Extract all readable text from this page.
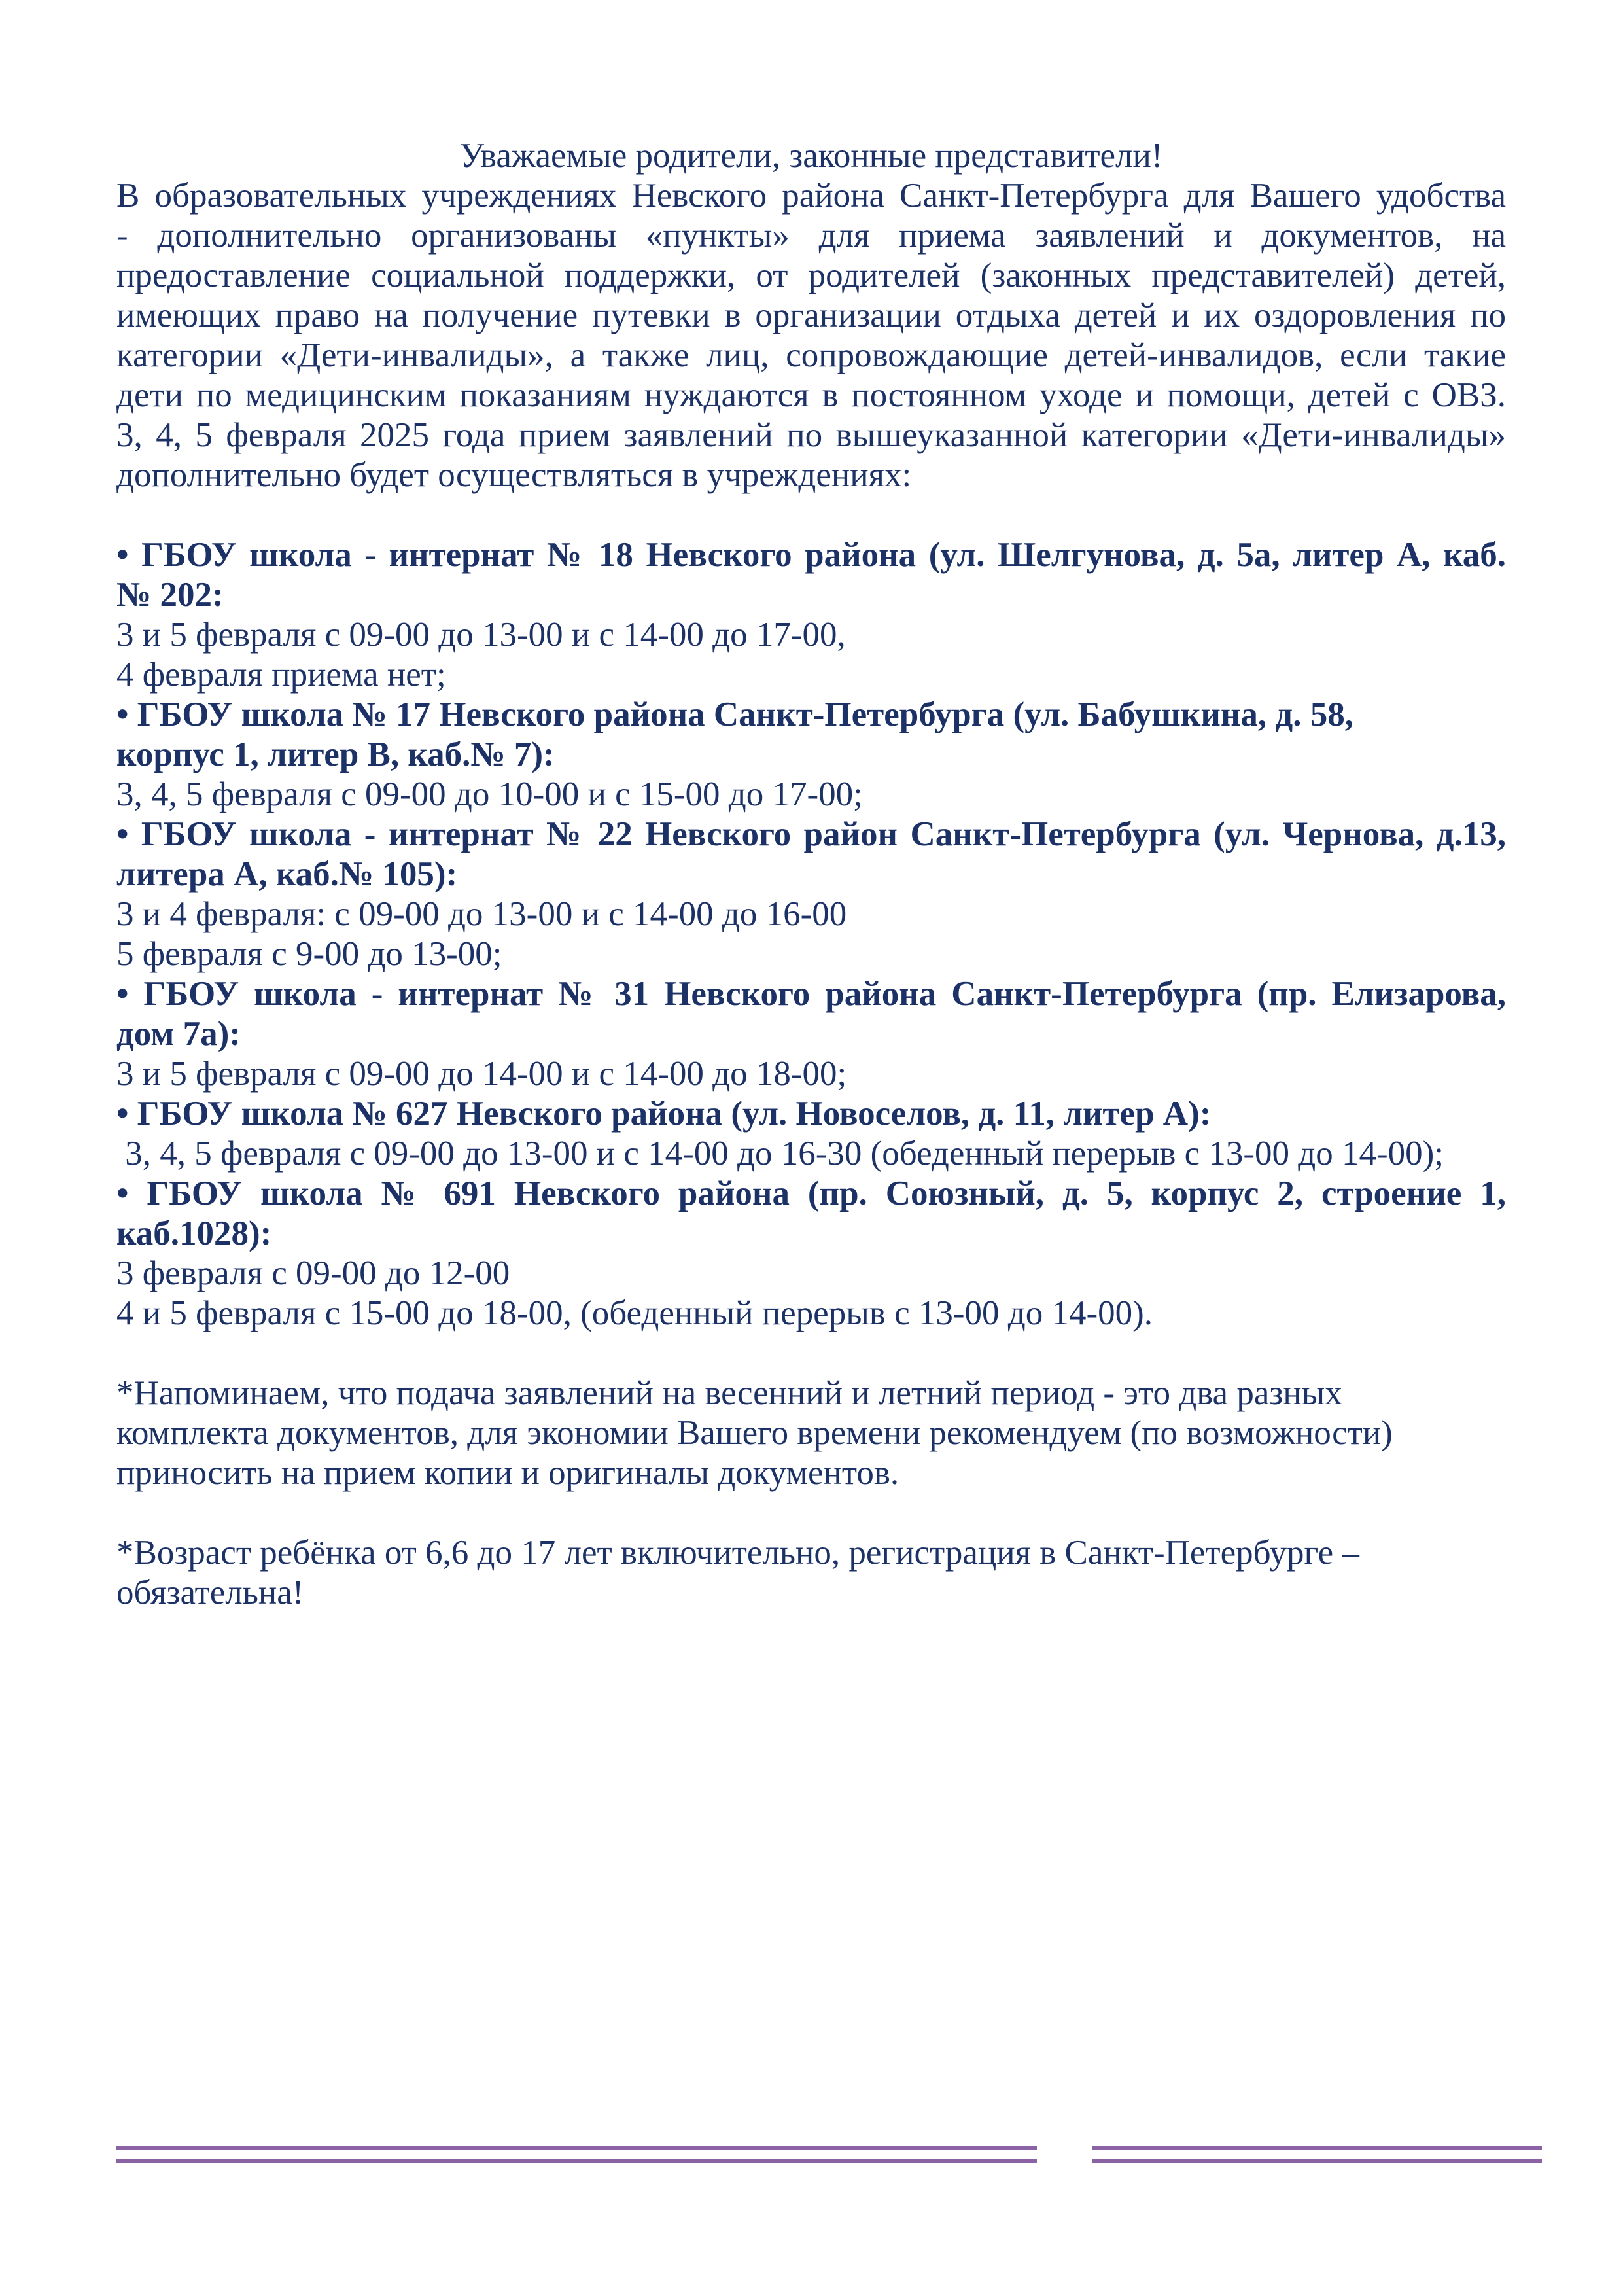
Уважаемые родители, законные представители!
В образовательных учреждениях Невского района Санкт-Петербурга для Вашего удобства
- дополнительно организованы «пункты» для приема заявлений и документов, на
предоставление социальной поддержки, от родителей (законных представителей) детей,
имеющих право на получение путевки в организации отдыха детей и их оздоровления по
категории «Дети-инвалиды», а также лиц, сопровождающие детей-инвалидов, если такие
дети по медицинским показаниям нуждаются в постоянном уходе и помощи, детей с ОВЗ.
3, 4, 5 февраля 2025 года прием заявлений по вышеуказанной категории «Дети-инвалиды»
дополнительно будет осуществляться в учреждениях:
• ГБОУ школа - интернат № 18 Невского района (ул. Шелгунова, д. 5а, литер А, каб.
№ 202:
3 и 5 февраля с 09-00 до 13-00 и с 14-00 до 17-00,
4 февраля приема нет;
• ГБОУ школа № 17 Невского района Санкт-Петербурга (ул. Бабушкина, д. 58,
корпус 1, литер В, каб.№ 7):
3, 4, 5 февраля с 09-00 до 10-00 и с 15-00 до 17-00;
• ГБОУ школа - интернат № 22 Невского район Санкт-Петербурга (ул. Чернова, д.13,
литера А, каб.№ 105):
3 и 4 февраля: с 09-00 до 13-00 и с 14-00 до 16-00
5 февраля с 9-00 до 13-00;
• ГБОУ школа - интернат № 31 Невского района Санкт-Петербурга (пр. Елизарова,
дом 7а):
3 и 5 февраля с 09-00 до 14-00 и с 14-00 до 18-00;
• ГБОУ школа № 627 Невского района (ул. Новоселов, д. 11, литер А):
3, 4, 5 февраля с 09-00 до 13-00 и с 14-00 до 16-30 (обеденный перерыв с 13-00 до 14-00);
• ГБОУ школа № 691 Невского района (пр. Союзный, д. 5, корпус 2, строение 1,
каб.1028):
3 февраля с 09-00 до 12-00
4 и 5 февраля с 15-00 до 18-00, (обеденный перерыв с 13-00 до 14-00).
*Напоминаем, что подача заявлений на весенний и летний период - это два разных
комплекта документов, для экономии Вашего времени рекомендуем (по возможности)
приносить на прием копии и оригиналы документов.
*Возраст ребёнка от 6,6 до 17 лет включительно, регистрация в Санкт-Петербурге –
обязательна!
